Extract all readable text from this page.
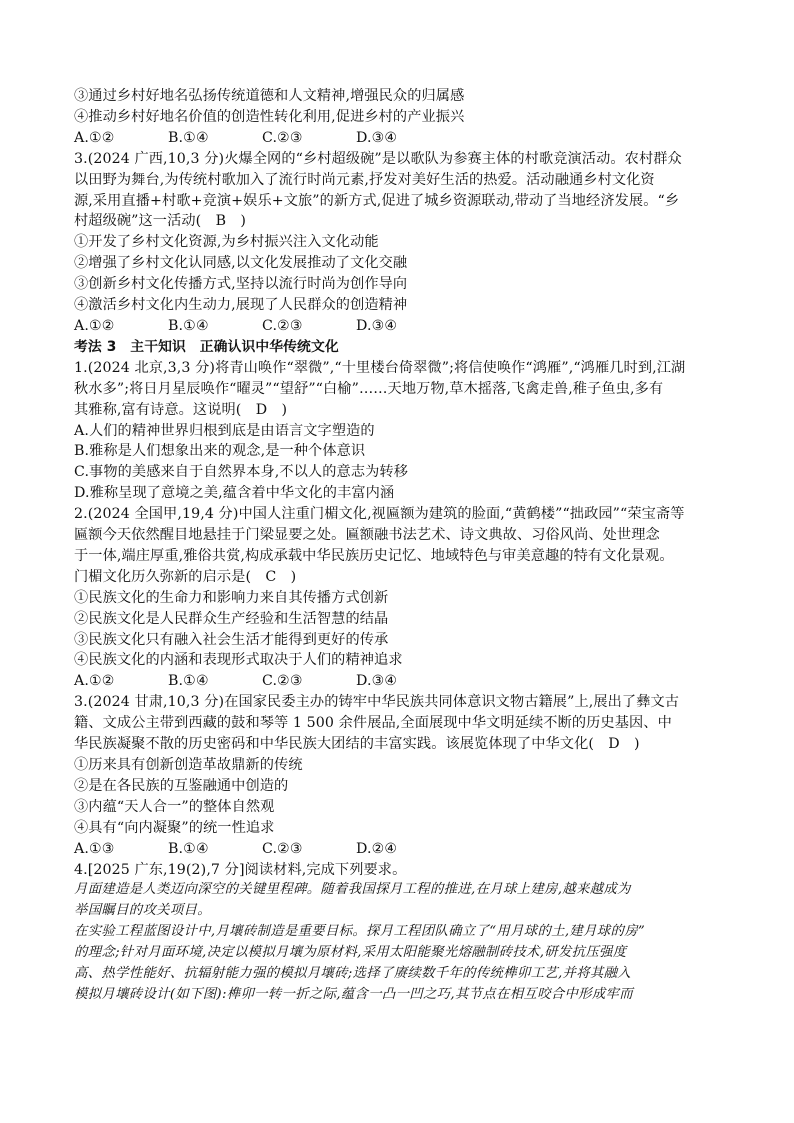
③通过乡村好地名弘扬传统道德和人文精神,增强民众的归属感
④推动乡村好地名价值的创造性转化利用,促进乡村的产业振兴
A.①②	B.①④	C.②③	D.③④
3.(2024 广西,10,3 分)火爆全网的“乡村超级碗”是以歌队为参赛主体的村歌竞演活动。农村群众
以田野为舞台,为传统村歌加入了流行时尚元素,抒发对美好生活的热爱。活动融通乡村文化资
源,采用直播+村歌+竞演+娱乐+文旅”的新方式,促进了城乡资源联动,带动了当地经济发展。“乡
村超级碗”这一活动(　B　)
①开发了乡村文化资源,为乡村振兴注入文化动能
②增强了乡村文化认同感,以文化发展推动了文化交融
③创新乡村文化传播方式,坚持以流行时尚为创作导向
④激活乡村文化内生动力,展现了人民群众的创造精神
A.①②	B.①④	C.②③	D.③④
考法 3　主干知识　正确认识中华传统文化
1.(2024 北京,3,3 分)将青山唤作“翠微”,“十里楼台倚翠微”;将信使唤作“鸿雁”,“鸿雁几时到,江湖
秋水多”;将日月星辰唤作“曜灵”“望舒”“白榆”……天地万物,草木摇落,飞禽走兽,稚子鱼虫,多有
其雅称,富有诗意。这说明(　D　)
A.人们的精神世界归根到底是由语言文字塑造的
B.雅称是人们想象出来的观念,是一种个体意识
C.事物的美感来自于自然界本身,不以人的意志为转移
D.雅称呈现了意境之美,蕴含着中华文化的丰富内涵
2.(2024 全国甲,19,4 分)中国人注重门楣文化,视匾额为建筑的脸面,“黄鹤楼”“拙政园”“荣宝斋等
匾额今天依然醒目地悬挂于门梁显要之处。匾额融书法艺术、诗文典故、习俗风尚、处世理念
于一体,端庄厚重,雅俗共赏,构成承载中华民族历史记忆、地域特色与审美意趣的特有文化景观。
门楣文化历久弥新的启示是(　C　)
①民族文化的生命力和影响力来自其传播方式创新
②民族文化是人民群众生产经验和生活智慧的结晶
③民族文化只有融入社会生活才能得到更好的传承
④民族文化的内涵和表现形式取决于人们的精神追求
A.①②	B.①④	C.②③	D.③④
3.(2024 甘肃,10,3 分)在国家民委主办的铸牢中华民族共同体意识文物古籍展”上,展出了彝文古
籍、文成公主带到西藏的鼓和琴等 1 500 余件展品,全面展现中华文明延续不断的历史基因、中
华民族凝聚不散的历史密码和中华民族大团结的丰富实践。该展览体现了中华文化(　D　)
①历来具有创新创造革故鼎新的传统
②是在各民族的互鉴融通中创造的
③内蕴“天人合一”的整体自然观
④具有“向内凝聚”的统一性追求
A.①③	B.①④	C.②③	D.②④
4.[2025 广东,19(2),7 分]阅读材料,完成下列要求。
月面建造是人类迈向深空的关键里程碑。随着我国探月工程的推进,在月球上建房,越来越成为
举国瞩目的攻关项目。
在实验工程蓝图设计中,月壤砖制造是重要目标。探月工程团队确立了“用月球的土,建月球的房”
的理念;针对月面环境,决定以模拟月壤为原材料,采用太阳能聚光熔融制砖技术,研发抗压强度
高、热学性能好、抗辐射能力强的模拟月壤砖;选择了赓续数千年的传统榫卯工艺,并将其融入
模拟月壤砖设计(如下图):榫卯一转一折之际,蕴含一凸一凹之巧,其节点在相互咬合中形成牢而
